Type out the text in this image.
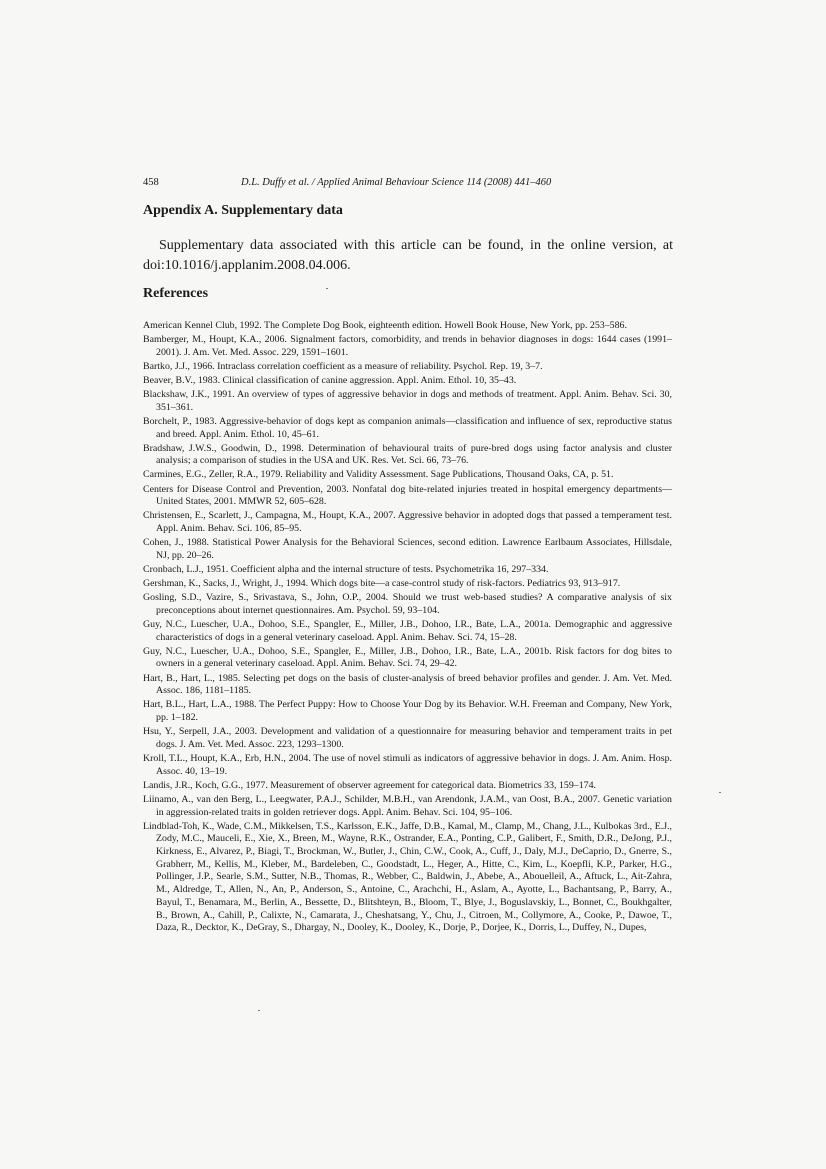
458	D.L. Duffy et al. / Applied Animal Behaviour Science 114 (2008) 441–460
Appendix A. Supplementary data
Supplementary data associated with this article can be found, in the online version, at doi:10.1016/j.applanim.2008.04.006.
References
American Kennel Club, 1992. The Complete Dog Book, eighteenth edition. Howell Book House, New York, pp. 253–586.
Bamberger, M., Houpt, K.A., 2006. Signalment factors, comorbidity, and trends in behavior diagnoses in dogs: 1644 cases (1991–2001). J. Am. Vet. Med. Assoc. 229, 1591–1601.
Bartko, J.J., 1966. Intraclass correlation coefficient as a measure of reliability. Psychol. Rep. 19, 3–7.
Beaver, B.V., 1983. Clinical classification of canine aggression. Appl. Anim. Ethol. 10, 35–43.
Blackshaw, J.K., 1991. An overview of types of aggressive behavior in dogs and methods of treatment. Appl. Anim. Behav. Sci. 30, 351–361.
Borchelt, P., 1983. Aggressive-behavior of dogs kept as companion animals—classification and influence of sex, reproductive status and breed. Appl. Anim. Ethol. 10, 45–61.
Bradshaw, J.W.S., Goodwin, D., 1998. Determination of behavioural traits of pure-bred dogs using factor analysis and cluster analysis; a comparison of studies in the USA and UK. Res. Vet. Sci. 66, 73–76.
Carmines, E.G., Zeller, R.A., 1979. Reliability and Validity Assessment. Sage Publications, Thousand Oaks, CA, p. 51.
Centers for Disease Control and Prevention, 2003. Nonfatal dog bite-related injuries treated in hospital emergency departments—United States, 2001. MMWR 52, 605–628.
Christensen, E., Scarlett, J., Campagna, M., Houpt, K.A., 2007. Aggressive behavior in adopted dogs that passed a temperament test. Appl. Anim. Behav. Sci. 106, 85–95.
Cohen, J., 1988. Statistical Power Analysis for the Behavioral Sciences, second edition. Lawrence Earlbaum Associates, Hillsdale, NJ, pp. 20–26.
Cronbach, L.J., 1951. Coefficient alpha and the internal structure of tests. Psychometrika 16, 297–334.
Gershman, K., Sacks, J., Wright, J., 1994. Which dogs bite—a case-control study of risk-factors. Pediatrics 93, 913–917.
Gosling, S.D., Vazire, S., Srivastava, S., John, O.P., 2004. Should we trust web-based studies? A comparative analysis of six preconceptions about internet questionnaires. Am. Psychol. 59, 93–104.
Guy, N.C., Luescher, U.A., Dohoo, S.E., Spangler, E., Miller, J.B., Dohoo, I.R., Bate, L.A., 2001a. Demographic and aggressive characteristics of dogs in a general veterinary caseload. Appl. Anim. Behav. Sci. 74, 15–28.
Guy, N.C., Luescher, U.A., Dohoo, S.E., Spangler, E., Miller, J.B., Dohoo, I.R., Bate, L.A., 2001b. Risk factors for dog bites to owners in a general veterinary caseload. Appl. Anim. Behav. Sci. 74, 29–42.
Hart, B., Hart, L., 1985. Selecting pet dogs on the basis of cluster-analysis of breed behavior profiles and gender. J. Am. Vet. Med. Assoc. 186, 1181–1185.
Hart, B.L., Hart, L.A., 1988. The Perfect Puppy: How to Choose Your Dog by its Behavior. W.H. Freeman and Company, New York, pp. 1–182.
Hsu, Y., Serpell, J.A., 2003. Development and validation of a questionnaire for measuring behavior and temperament traits in pet dogs. J. Am. Vet. Med. Assoc. 223, 1293–1300.
Kroll, T.L., Houpt, K.A., Erb, H.N., 2004. The use of novel stimuli as indicators of aggressive behavior in dogs. J. Am. Anim. Hosp. Assoc. 40, 13–19.
Landis, J.R., Koch, G.G., 1977. Measurement of observer agreement for categorical data. Biometrics 33, 159–174.
Liinamo, A., van den Berg, L., Leegwater, P.A.J., Schilder, M.B.H., van Arendonk, J.A.M., van Oost, B.A., 2007. Genetic variation in aggression-related traits in golden retriever dogs. Appl. Anim. Behav. Sci. 104, 95–106.
Lindblad-Toh, K., Wade, C.M., Mikkelsen, T.S., Karlsson, E.K., Jaffe, D.B., Kamal, M., Clamp, M., Chang, J.L., Kulbokas 3rd., E.J., Zody, M.C., Mauceli, E., Xie, X., Breen, M., Wayne, R.K., Ostrander, E.A., Ponting, C.P., Galibert, F., Smith, D.R., DeJong, P.J., Kirkness, E., Alvarez, P., Biagi, T., Brockman, W., Butler, J., Chin, C.W., Cook, A., Cuff, J., Daly, M.J., DeCaprio, D., Gnerre, S., Grabherr, M., Kellis, M., Kleber, M., Bardeleben, C., Goodstadt, L., Heger, A., Hitte, C., Kim, L., Koepfli, K.P., Parker, H.G., Pollinger, J.P., Searle, S.M., Sutter, N.B., Thomas, R., Webber, C., Baldwin, J., Abebe, A., Abouelleil, A., Aftuck, L., Ait-Zahra, M., Aldredge, T., Allen, N., An, P., Anderson, S., Antoine, C., Arachchi, H., Aslam, A., Ayotte, L., Bachantsang, P., Barry, A., Bayul, T., Benamara, M., Berlin, A., Bessette, D., Blitshteyn, B., Bloom, T., Blye, J., Boguslavskiy, L., Bonnet, C., Boukhgalter, B., Brown, A., Cahill, P., Calixte, N., Camarata, J., Cheshatsang, Y., Chu, J., Citroen, M., Collymore, A., Cooke, P., Dawoe, T., Daza, R., Decktor, K., DeGray, S., Dhargay, N., Dooley, K., Dooley, K., Dorje, P., Dorjee, K., Dorris, L., Duffey, N., Dupes,
